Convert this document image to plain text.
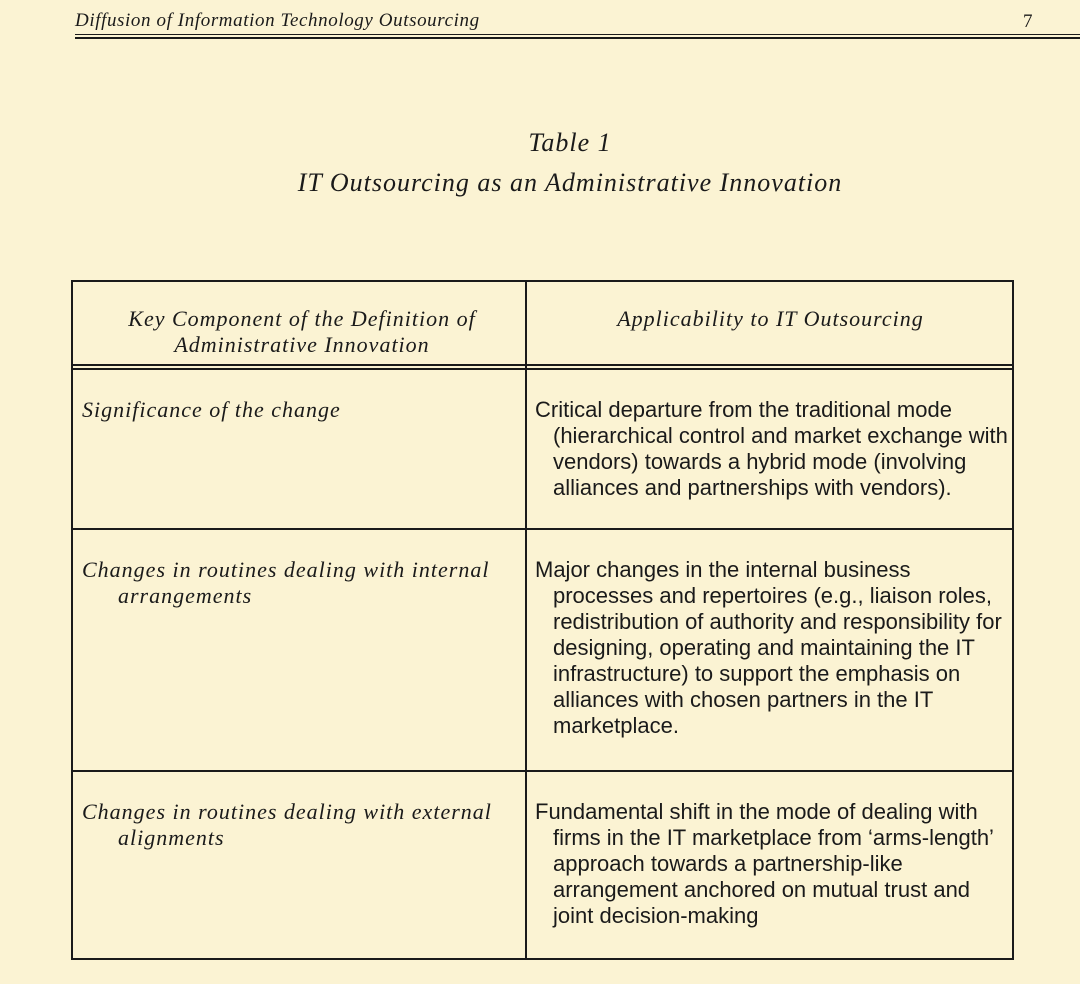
Diffusion of Information Technology Outsourcing	7
Table 1
IT Outsourcing as an Administrative Innovation
Key Component of the Definition of Administrative Innovation
Applicability to IT Outsourcing
Significance of the change	Critical departure from the traditional mode (hierarchical control and market exchange with vendors) towards a hybrid mode (involving alliances and partnerships with vendors).
Changes in routines dealing with internal arrangements
Major changes in the internal business processes and repertoires (e.g., liaison roles, redistribution of authority and responsibility for designing, operating and maintaining the IT infrastructure) to support the emphasis on alliances with chosen partners in the IT marketplace.
Changes in routines dealing with external alignments
Fundamental shift in the mode of dealing with firms in the IT marketplace from ‘arms-length’ approach towards a partnership-like arrangement anchored on mutual trust and joint decision-making
